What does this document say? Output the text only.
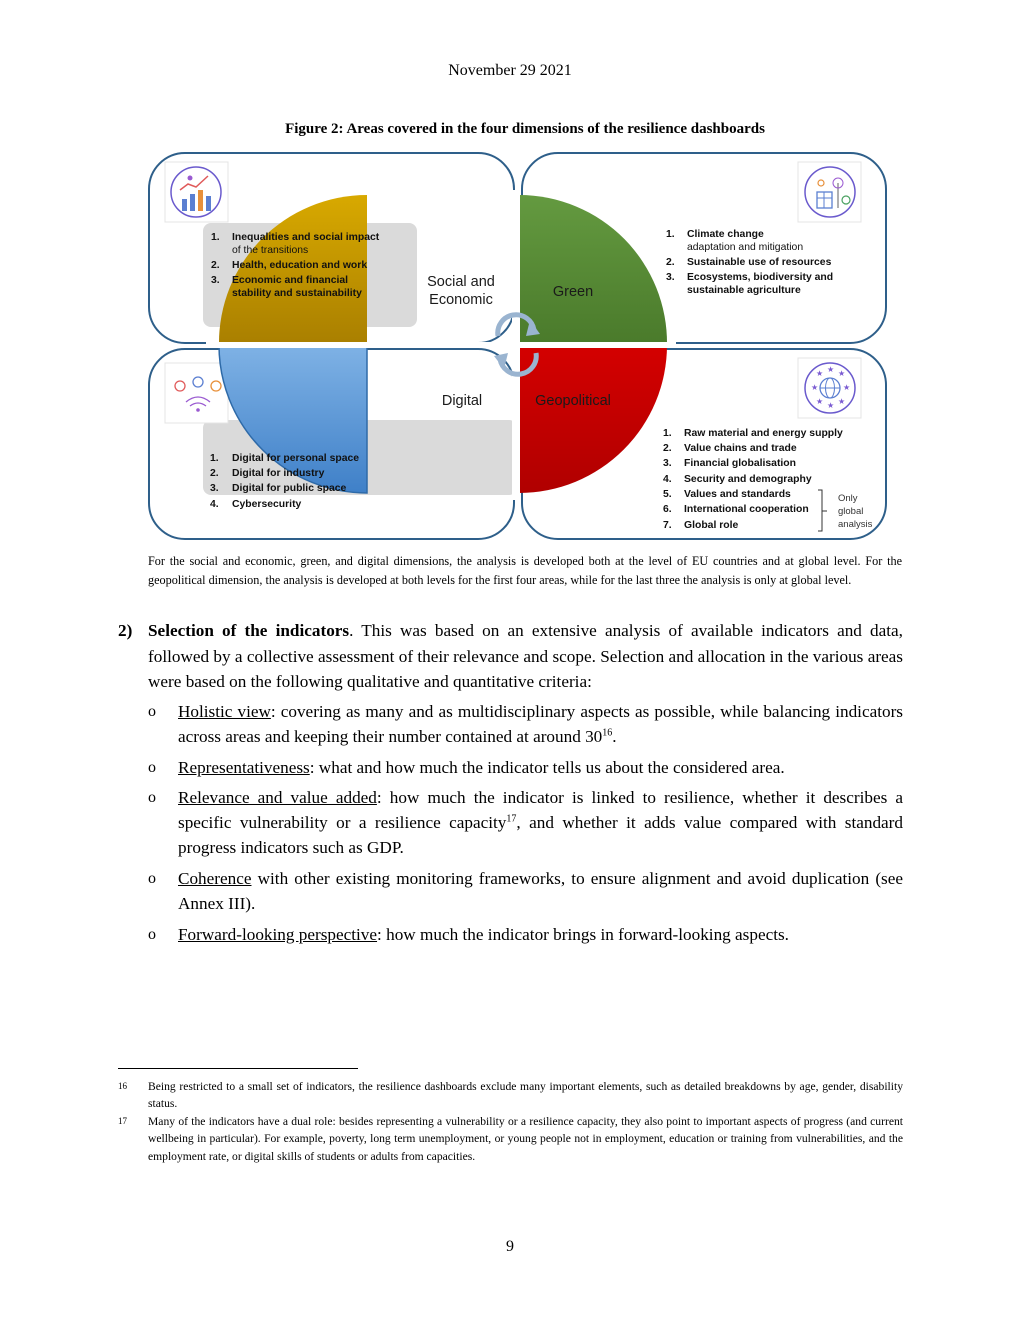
November 29 2021
Figure 2: Areas covered in the four dimensions of the resilience dashboards
★ ★
★
★
★
★
★
★
Social and
Economic	Green
Digital	Geopolitical
1. Inequalities and social impact
of the transitions
2. Health, education and work
3. Economic and financial
stability and sustainability
1. Climate change
adaptation and mitigation
2. Sustainable use of resources
3. Ecosystems, biodiversity and
sustainable agriculture
1. Digital for personal space
2. Digital for industry
3. Digital for public space
4. Cybersecurity
1. Raw material and energy supply
2. Value chains and trade
3. Financial globalisation
4. Security and demography
5. Values and standards
6. International cooperation
7. Global role
Only
global
analysis

For the social and economic, green, and digital dimensions, the analysis is developed both at the level of EU countries and at global level. For the geopolitical dimension, the analysis is developed at both levels for the first four areas, while for the last three the analysis is only at global level.

2) Selection of the indicators. This was based on an extensive analysis of available indicators and data, followed by a collective assessment of their relevance and scope. Selection and allocation in the various areas were based on the following qualitative and quantitative criteria:
o Holistic view: covering as many and as multidisciplinary aspects as possible, while balancing indicators across areas and keeping their number contained at around $30^{16}$.
o Representativeness: what and how much the indicator tells us about the considered area.
o Relevance and value added: how much the indicator is linked to resilience, whether it describes a specific vulnerability or a resilience capacity$^{17}$, and whether it adds value compared with standard progress indicators such as GDP.
o Coherence with other existing monitoring frameworks, to ensure alignment and avoid duplication (see Annex III).
o Forward-looking perspective: how much the indicator brings in forward-looking aspects.
16 Being restricted to a small set of indicators, the resilience dashboards exclude many important elements, such as detailed breakdowns by age, gender, disability status.
17 Many of the indicators have a dual role: besides representing a vulnerability or a resilience capacity, they also point to important aspects of progress (and current wellbeing in particular). For example, poverty, long term unemployment, or young people not in employment, education or training from vulnerabilities, and the employment rate, or digital skills of students or adults from capacities.
9
